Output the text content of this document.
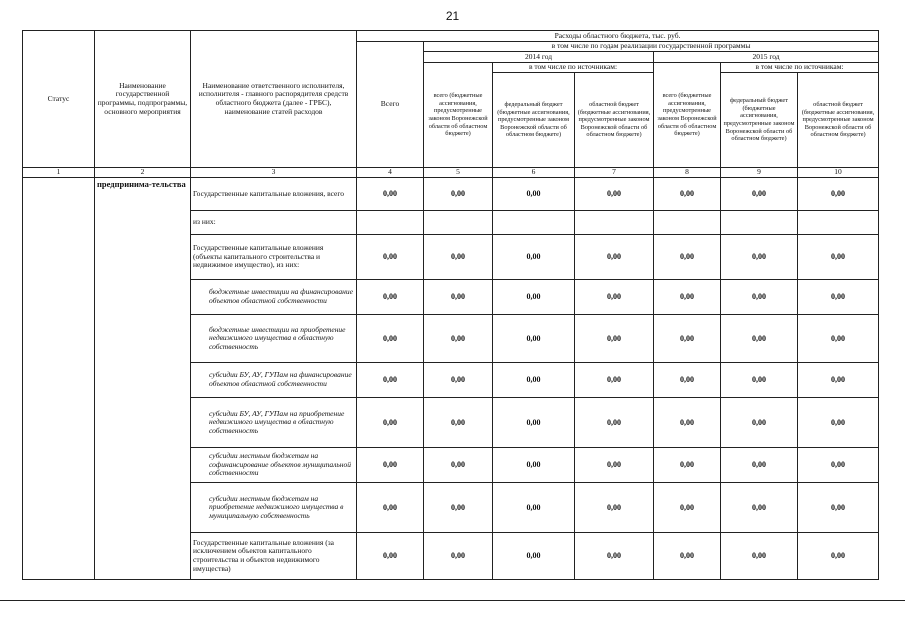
21
Статус	Наименование государственной программы, подпрограммы, основного мероприятия	Наименование ответственного исполнителя, исполнителя - главного распорядителя средств областного бюджета (далее - ГРБС), наименование статей расходов	Расходы областного бюджета, тыс. руб.						
			Всего	в том числе по годам реализации государственной программы					
				2014 год			2015 год		
				всего (бюджетные ассигнования, предусмотренные законом Воронежской области об областном бюджете)	в том числе по источникам:		всего (бюджетные ассигнования, предусмотренные законом Воронежской области об областном бюджете)	в том числе по источникам:	
					федеральный бюджет (бюджетные ассигнования, предусмотренные законом Воронежской области об областном бюджете)	областной бюджет (бюджетные ассигнования, предусмотренные законом Воронежской области об областном бюджете)		федеральный бюджет (бюджетные ассигнования, предусмотренные законом Воронежской области об областном бюджете)	областной бюджет (бюджетные ассигнования, предусмотренные законом Воронежской области об областном бюджете)

1	2	3	4	5	6	7	8	9	10
	предпринима-тельства	Государственные капитальные вложения, всего	0,00	0,00	0,00	0,00	0,00	0,00	0,00
		из них:							
		Государственные капитальные вложения (объекты капитального строительства и недвижимое имущество), из них:	0,00	0,00	0,00	0,00	0,00	0,00	0,00
		бюджетные инвестиции на финансирование объектов областной собственности	0,00	0,00	0,00	0,00	0,00	0,00	0,00
		бюджетные инвестиции на приобретение недвижимого имущества в областную собственность	0,00	0,00	0,00	0,00	0,00	0,00	0,00
		субсидии БУ, АУ, ГУПам на финансирование объектов областной собственности	0,00	0,00	0,00	0,00	0,00	0,00	0,00
		субсидии БУ, АУ, ГУПам на приобретение недвижимого имущества в областную собственность	0,00	0,00	0,00	0,00	0,00	0,00	0,00
		субсидии местным бюджетам на софинансирование объектов муниципальной собственности	0,00	0,00	0,00	0,00	0,00	0,00	0,00
		субсидии местным бюджетам на приобретение недвижимого имущества в муниципальную собственность	0,00	0,00	0,00	0,00	0,00	0,00	0,00
		Государственные капитальные вложения (за исключением объектов капитального строительства и объектов недвижимого имущества)	0,00	0,00	0,00	0,00	0,00	0,00	0,00
